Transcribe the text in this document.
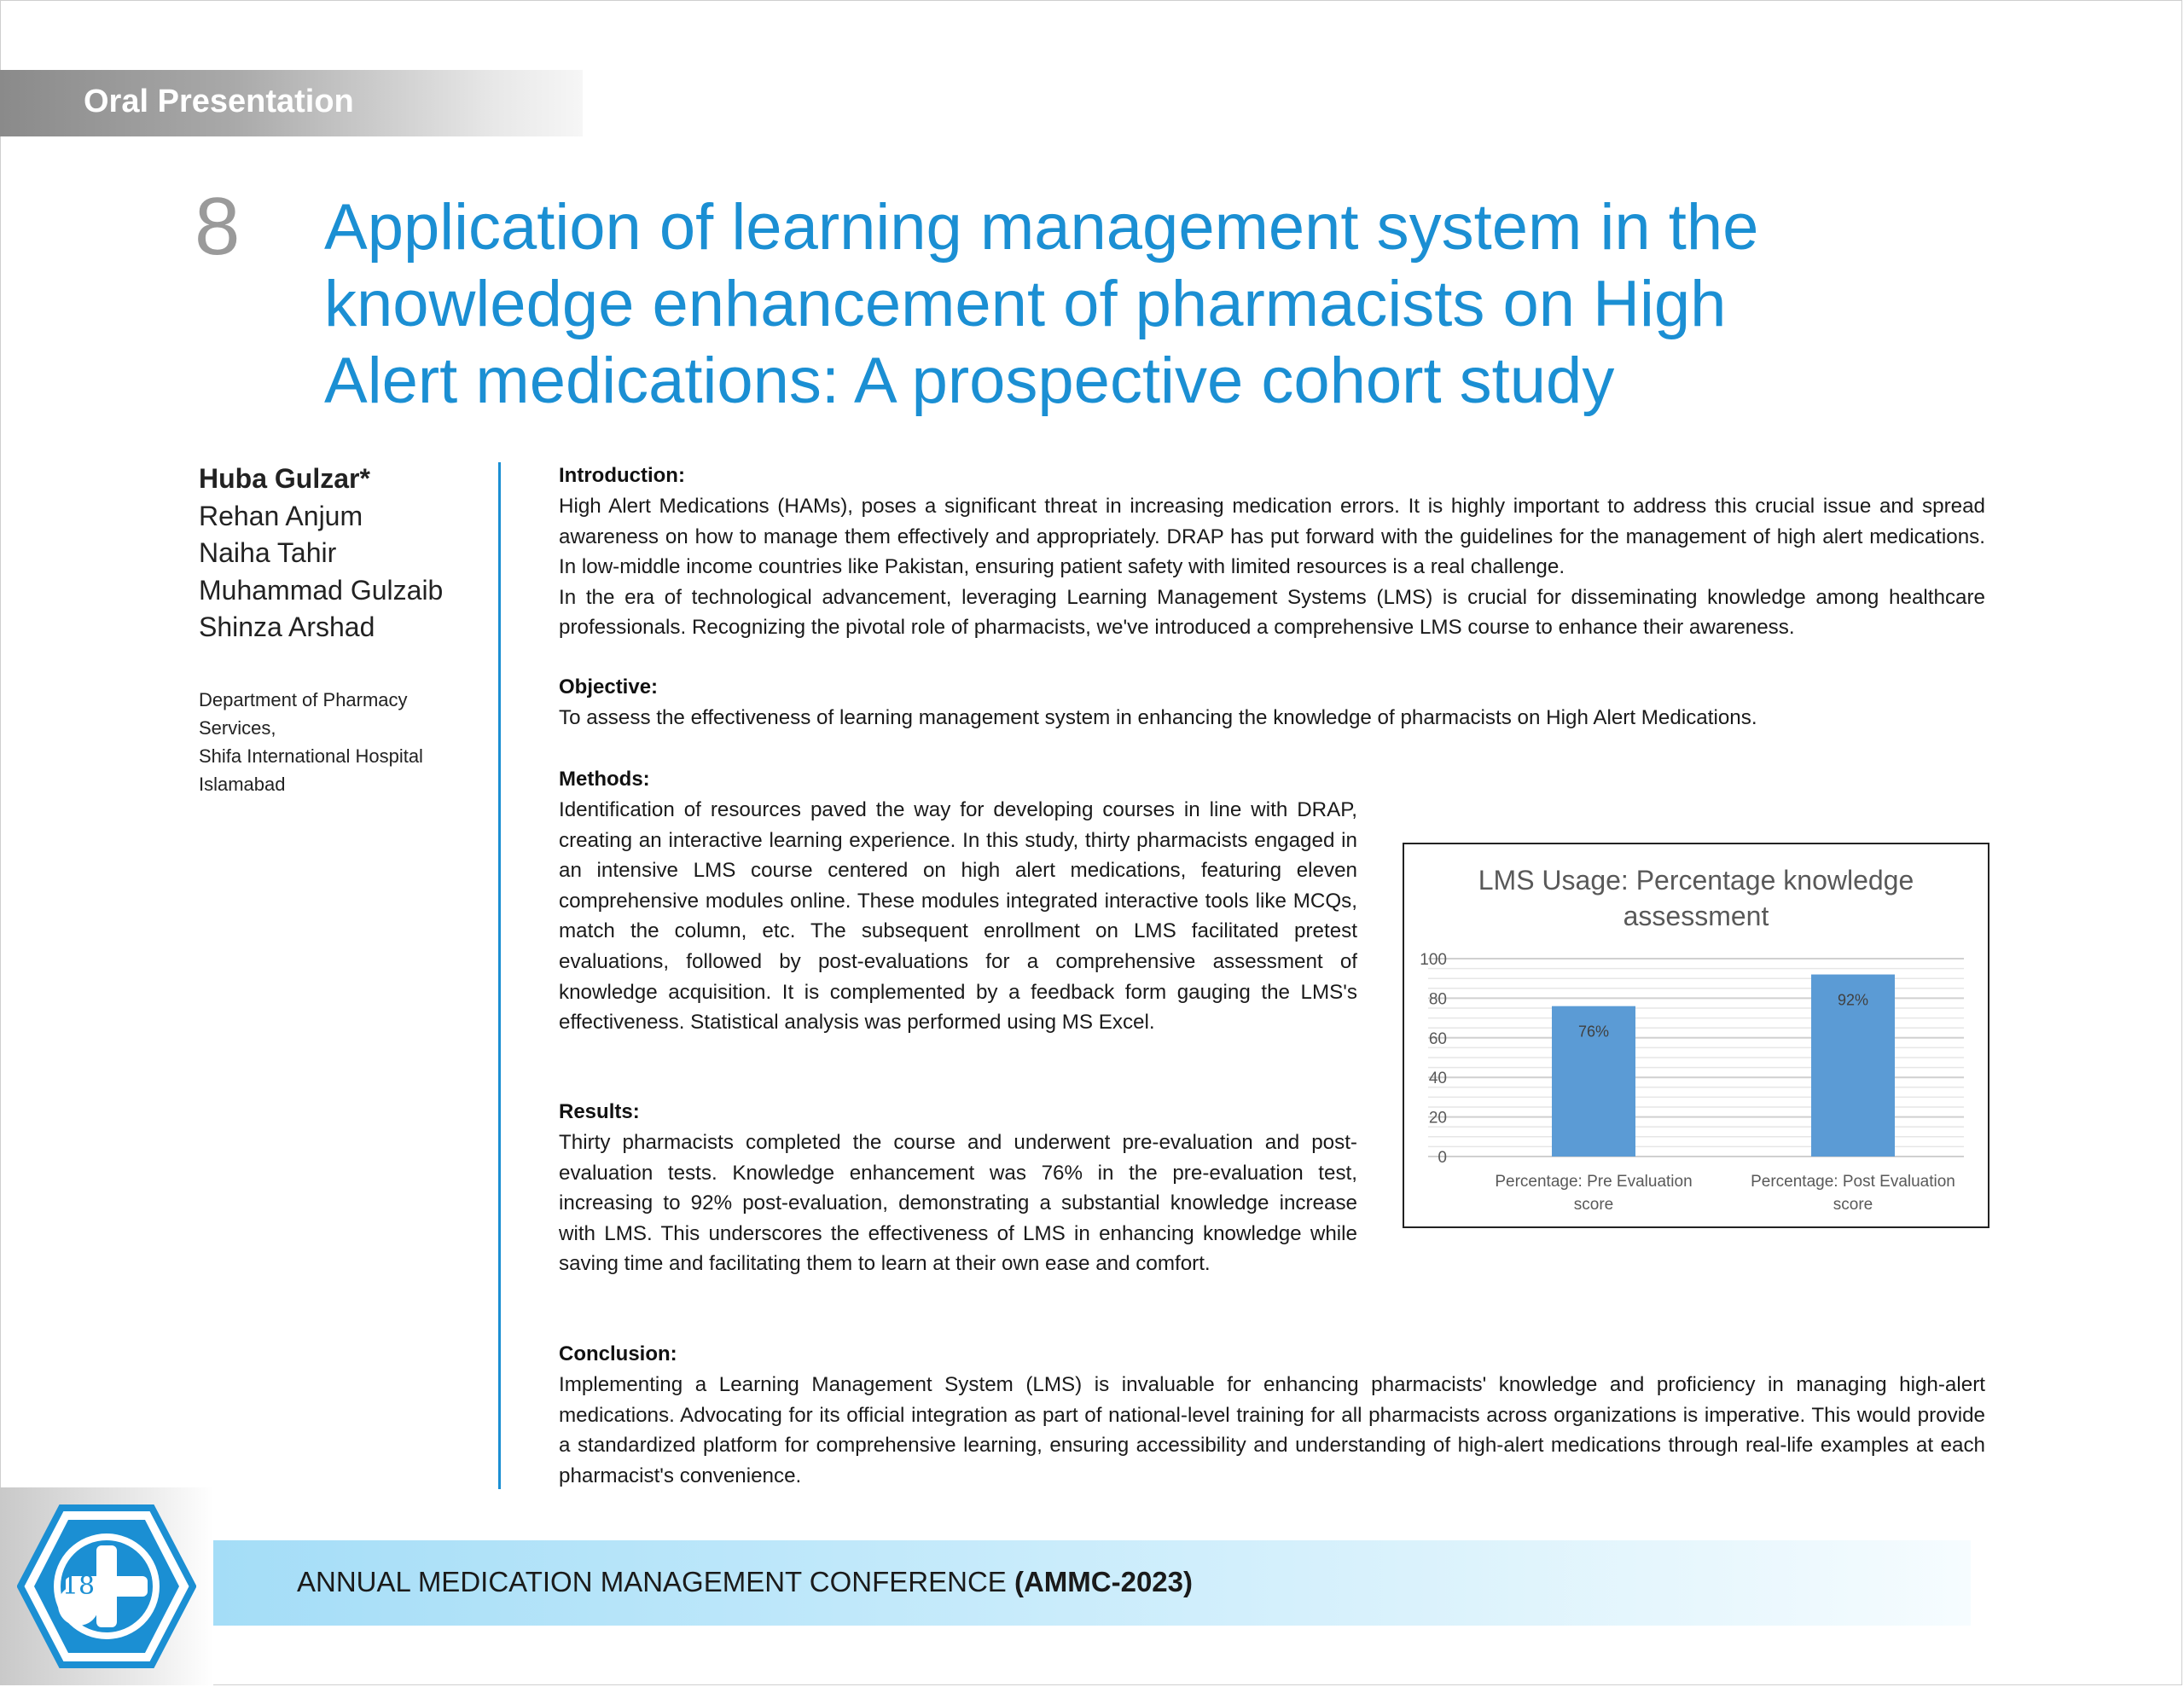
Oral Presentation
8 Application of learning management system in the
knowledge enhancement of pharmacists on High
Alert medications: A prospective cohort study
Huba Gulzar*
Rehan Anjum
Naiha Tahir
Muhammad Gulzaib
Shinza Arshad
Department of Pharmacy
Services,
Shifa International Hospital
Islamabad
Introduction:

High Alert Medications (HAMs), poses a significant threat in increasing medication errors. It is highly important to address this crucial issue and spread awareness on how to manage them effectively and appropriately. DRAP has put forward with the guidelines for the management of high alert medications. In low-middle income countries like Pakistan, ensuring patient safety with limited resources is a real challenge.

In the era of technological advancement, leveraging Learning Management Systems (LMS) is crucial for disseminating knowledge among healthcare professionals. Recognizing the pivotal role of pharmacists, we've introduced a comprehensive LMS course to enhance their awareness.

Objective:

To assess the effectiveness of learning management system in enhancing the knowledge of pharmacists on High Alert Medications.

Methods:

Identification of resources paved the way for developing courses in line with DRAP, creating an interactive learning experience. In this study, thirty pharmacists engaged in an intensive LMS course centered on high alert medications, featuring eleven comprehensive modules online. These modules integrated interactive tools like MCQs, match the column, etc. The subsequent enrollment on LMS facilitated pretest evaluations, followed by post-evaluations for a comprehensive assessment of knowledge acquisition. It is complemented by a feedback form gauging the LMS's effectiveness. Statistical analysis was performed using MS Excel.

Results:

Thirty pharmacists completed the course and underwent pre-evaluation and post-evaluation tests. Knowledge enhancement was 76% in the pre-evaluation test, increasing to 92% post-evaluation, demonstrating a substantial knowledge increase with LMS. This underscores the effectiveness of LMS in enhancing knowledge while saving time and facilitating them to learn at their own ease and comfort.

Conclusion:

Implementing a Learning Management System (LMS) is invaluable for enhancing pharmacists' knowledge and proficiency in managing high-alert medications. Advocating for its official integration as part of national-level training for all pharmacists across organizations is imperative. This would provide a standardized platform for comprehensive learning, ensuring accessibility and understanding of high-alert medications through real-life examples at each pharmacist's convenience.

LMS Usage: Percentage knowledge
assessment
0
20
40
60
80
100
76%
92%
Percentage: Pre Evaluation
score
Percentage: Post Evaluation
score
18	ANNUAL MEDICATION MANAGEMENT CONFERENCE (AMMC-2023)
